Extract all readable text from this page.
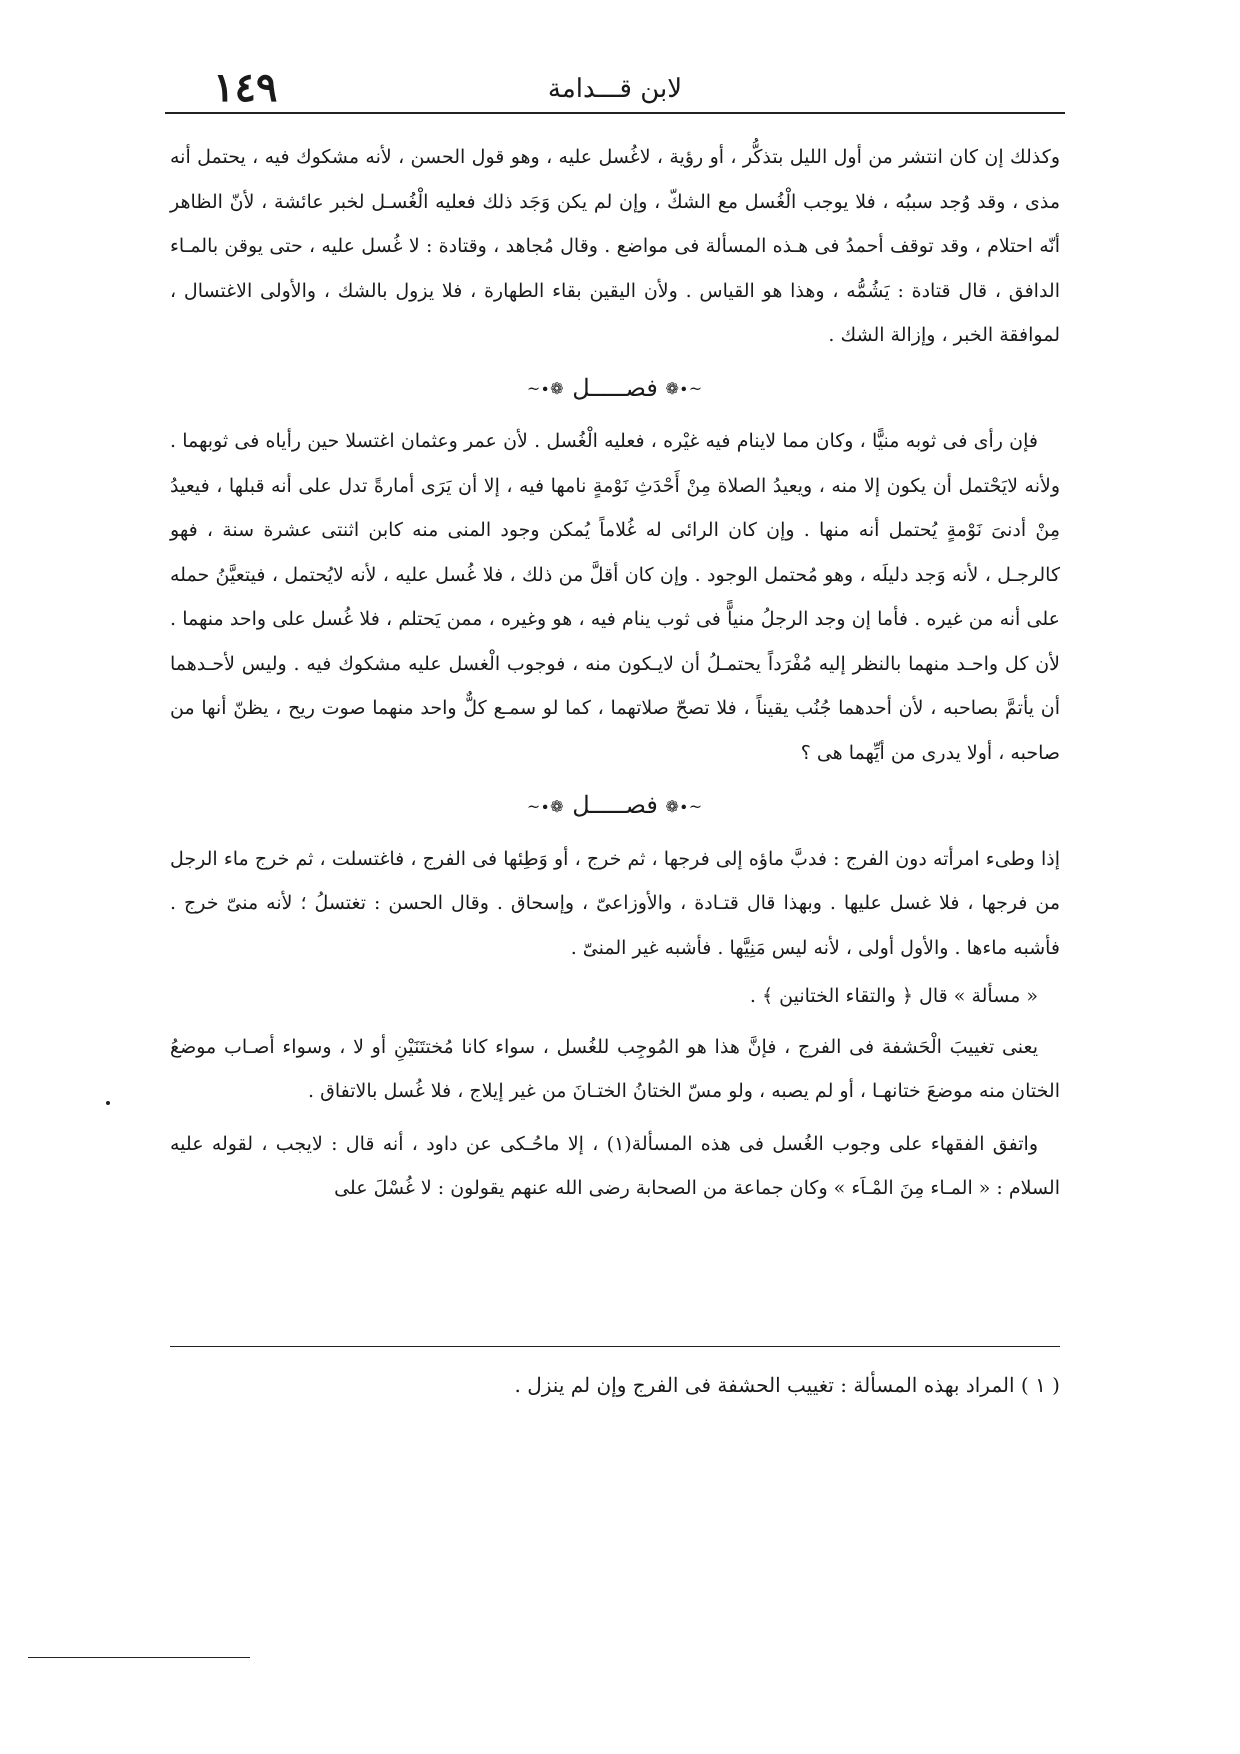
١٤٩	لابن قـــدامة

وكذلك إن كان انتشر من أول الليل بتذكُّر ، أو رؤية ، لاغُسل عليه ، وهو قول الحسن ، لأنه مشكوك فيه ، يحتمل أنه مذى ، وقد وُجد سببُه ، فلا يوجب الْغُسل مع الشكّ ، وإن لم يكن وَجَد ذلك فعليه الْغُسـل لخبر عائشة ، لأنّ الظاهر أنّه احتلام ، وقد توقف أحمدُ فى هـذه المسألة فى مواضع . وقال مُجاهد ، وقتادة : لا غُسل عليه ، حتى يوقن بالمـاء الدافق ، قال قتادة : يَشُمُّه ، وهذا هو القياس . ولأن اليقين بقاء الطهارة ، فلا يزول بالشك ، والأولى الاغتسال ، لموافقة الخبر ، وإزالة الشك .

~∙❁ فصـــــل ❁∙~

فإن رأى فى ثوبه منيًّا ، وكان مما لاينام فيه غيْره ، فعليه الْغُسل . لأن عمر وعثمان اغتسلا حين رأياه فى ثوبهما . ولأنه لايَحْتمل أن يكون إلا منه ، ويعيدُ الصلاة مِنْ أَحْدَثِ نَوْمةٍ نامها فيه ، إلا أن يَرَى أمارةً تدل على أنه قبلها ، فيعيدُ مِنْ أدنىَ نَوْمةٍ يُحتمل أنه منها . وإن كان الرائى له غُلاماً يُمكن وجود المنى منه كابن اثنتى عشرة سنة ، فهو كالرجـل ، لأنه وَجد دليلَه ، وهو مُحتمل الوجود . وإن كان أقلَّ من ذلك ، فلا غُسل عليه ، لأنه لايُحتمل ، فيتعيَّنُ حمله على أنه من غيره . فأما إن وجد الرجلُ منياًّ فى ثوب ينام فيه ، هو وغيره ، ممن يَحتلم ، فلا غُسل على واحد منهما . لأن كل واحـد منهما بالنظر إليه مُفْرَداً يحتمـلُ أن لايـكون منه ، فوجوب الْغسل عليه مشكوك فيه . وليس لأحـدهما أن يأتمَّ بصاحبه ، لأن أحدهما جُنُب يقيناً ، فلا تصحّ صلاتهما ، كما لو سمـع كلٌّ واحد منهما صوت ريح ، يظنّ أنها من صاحبه ، أولا يدرى من أيِّهما هى ؟

~∙❁ فصـــــل ❁∙~

إذا وطىء امرأته دون الفرج : فدبَّ ماؤه إلى فرجها ، ثم خرج ، أو وَطِئها فى الفرج ، فاغتسلت ، ثم خرج ماء الرجل من فرجها ، فلا غسل عليها . وبهذا قال قتـادة ، والأوزاعىّ ، وإسحاق . وقال الحسن : تغتسلُ ؛ لأنه منىّ خرج . فأشبه ماءها . والأول أولى ، لأنه ليس مَنِيَّها . فأشبه غير المنىّ .

« مسألة » قال ﴿ والتقاء الختانين ﴾ .

يعنى تغييبَ الْحَشفة فى الفرج ، فإنَّ هذا هو المُوجِب للغُسل ، سواء كانا مُختتَنَيْنِ أو لا ، وسواء أصـاب موضعُ الختان منه موضعَ ختانهـا ، أو لم يصبه ، ولو مسّ الختانُ الختـانَ من غير إيلاج ، فلا غُسل بالاتفاق .

واتفق الفقهاء على وجوب الغُسل فى هذه المسألة(١) ، إلا ماحُـكى عن داود ، أنه قال : لايجب ، لقوله عليه السلام : « المـاء مِنَ المْـاَء » وكان جماعة من الصحابة رضى الله عنهم يقولون : لا غُسْلَ على

( ١ ) المراد بهذه المسألة : تغييب الحشفة فى الفرج وإن لم ينزل .
